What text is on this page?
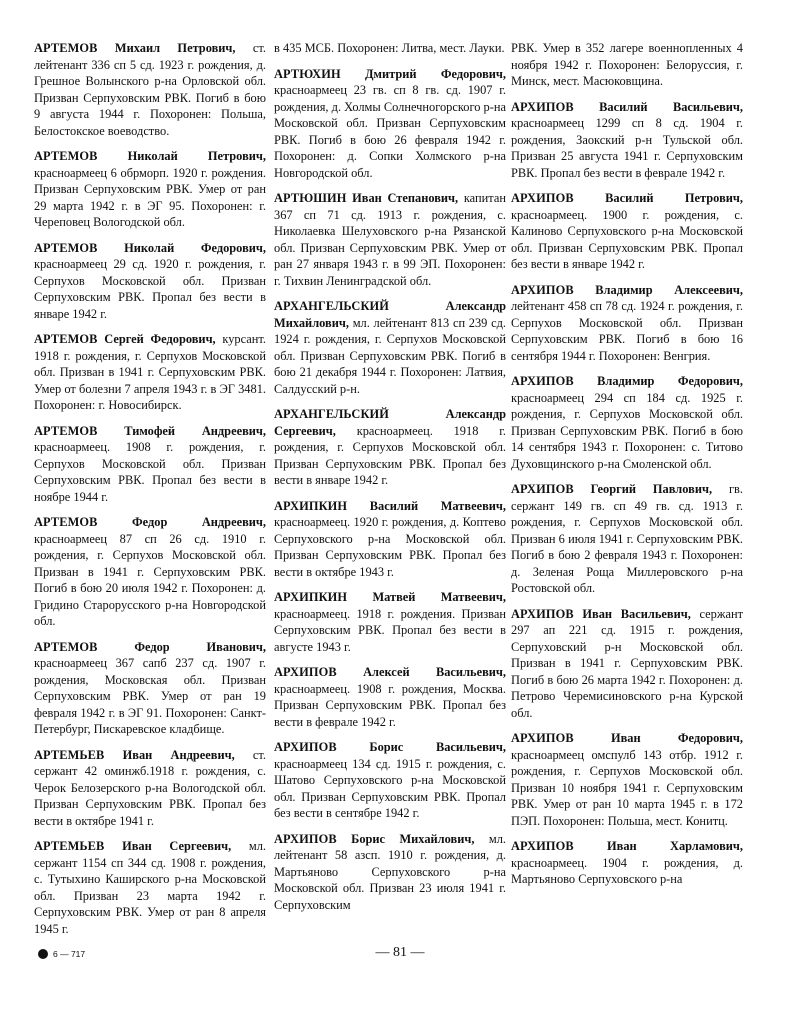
АРТЕМОВ Михаил Петрович, ст. лейтенант 336 сп 5 сд. 1923 г. рождения, д. Грешное Волынского р-на Орловской обл. Призван Серпуховским РВК. Погиб в бою 9 августа 1944 г. Похоронен: Польша, Белостокское воеводство.

АРТЕМОВ Николай Петрович, красноармеец 6 обрморп. 1920 г. рождения. Призван Серпуховским РВК. Умер от ран 29 марта 1942 г. в ЭГ 95. Похоронен: г. Череповец Вологодской обл.

АРТЕМОВ Николай Федорович, красноармеец 29 сд. 1920 г. рождения, г. Серпухов Московской обл. Призван Серпуховским РВК. Пропал без вести в январе 1942 г.

АРТЕМОВ Сергей Федорович, курсант. 1918 г. рождения, г. Серпухов Московской обл. Призван в 1941 г. Серпуховским РВК. Умер от болезни 7 апреля 1943 г. в ЭГ 3481. Похоронен: г. Новосибирск.

АРТЕМОВ Тимофей Андреевич, красноармеец. 1908 г. рождения, г. Серпухов Московской обл. Призван Серпуховским РВК. Пропал без вести в ноябре 1944 г.

АРТЕМОВ	Федор Андреевич, красноармеец 87 сп 26 сд. 1910 г. рождения, г. Серпухов Московской обл. Призван в 1941 г. Серпуховским РВК. Погиб в бою 20 июля 1942 г. Похоронен: д. Гридино Старорусского р-на Новгородской обл.

АРТЕМОВ	Федор Иванович, красноармеец 367 сапб 237 сд. 1907 г. рождения, Московская обл. Призван Серпуховским РВК. Умер от ран 19 февраля 1942 г. в ЭГ 91. Похоронен: Санкт-Петербург, Пискаревское кладбище.

АРТЕМЬЕВ Иван Андреевич, ст. сержант 42 оминжб.1918 г. рождения, с. Черок Белозерского р-на Вологодской обл. Призван Серпуховским РВК. Пропал без вести в октябре 1941 г.

АРТЕМЬЕВ Иван Сергеевич, мл. сержант 1154 сп 344 сд. 1908 г. рождения, с. Тутыхино Каширского р-на Московской обл. Призван 23 марта 1942 г. Серпуховским РВК. Умер от ран 8 апреля 1945 г.

в 435 МСБ. Похоронен: Литва, мест. Лауки.

АРТЮХИН Дмитрий Федорович, красноармеец 23 гв. сп 8 гв. сд. 1907 г. рождения, д. Холмы Солнечногорского р-на Московской обл. Призван Серпуховским РВК. Погиб в бою 26 февраля 1942 г. Похоронен: д. Сопки Холмского р-на Новгородской обл.

АРТЮШИН Иван Степанович, капитан 367 сп 71 сд. 1913 г. рождения, с. Николаевка Шелуховского р-на Рязанской обл. Призван Серпуховским РВК. Умер от ран 27 января 1943 г. в 99 ЭП. Похоронен: г. Тихвин Ленинградской обл.

АРХАНГЕЛЬСКИЙ	Александр Михайлович, мл. лейтенант 813 сп 239 сд. 1924 г. рождения, г. Серпухов Московской обл. Призван Серпуховским РВК. Погиб в бою 21 декабря 1944 г. Похоронен: Латвия, Салдусский р-н.

АРХАНГЕЛЬСКИЙ	Александр Сергеевич, красноармеец. 1918 г. рождения, г. Серпухов Московской обл. Призван Серпуховским РВК. Пропал без вести в январе 1942 г.

АРХИПКИН Василий Матвеевич, красноармеец. 1920 г. рождения, д. Коптево Серпуховского р-на Московской обл. Призван Серпуховским РВК. Пропал без вести в октябре 1943 г.

АРХИПКИН Матвей Матвеевич, красноармеец. 1918 г. рождения. Призван Серпуховским РВК. Пропал без вести в августе 1943 г.

АРХИПОВ Алексей Васильевич, красноармеец. 1908 г. рождения, Москва. Призван Серпуховским РВК. Пропал без вести в феврале 1942 г.

АРХИПОВ	Борис Васильевич, красноармеец 134 сд. 1915 г. рождения, с. Шатово Серпуховского р-на Московской обл. Призван Серпуховским РВК. Пропал без вести в сентябре 1942 г.

АРХИПОВ Борис Михайлович, мл. лейтенант 58 азсп. 1910 г. рождения, д. Мартьяново Серпуховского р-на Московской обл. Призван 23 июля 1941 г. Серпуховским

РВК. Умер в 352 лагере военнопленных 4 ноября 1942 г. Похоронен: Белоруссия, г. Минск, мест. Масюковщина.

АРХИПОВ Василий Васильевич, красноармеец 1299 сп 8 сд. 1904 г. рождения, Заокский р-н Тульской обл. Призван 25 августа 1941 г. Серпуховским РВК. Пропал без вести в феврале 1942 г.

АРХИПОВ	Василий Петрович, красноармеец. 1900 г. рождения, с. Калиново Серпуховского р-на Московской обл. Призван Серпуховским РВК. Пропал без вести в январе 1942 г.

АРХИПОВ Владимир Алексеевич, лейтенант 458 сп 78 сд. 1924 г. рождения, г. Серпухов Московской обл. Призван Серпуховским РВК. Погиб в бою 16 сентября 1944 г. Похоронен: Венгрия.

АРХИПОВ Владимир Федорович, красноармеец 294 сп 184 сд. 1925 г. рождения, г. Серпухов Московской обл. Призван Серпуховским РВК. Погиб в бою 14 сентября 1943 г. Похоронен: с. Титово Духовщинского р-на Смоленской обл.

АРХИПОВ Георгий Павлович, гв. сержант 149 гв. сп 49 гв. сд. 1913 г. рождения, г. Серпухов Московской обл. Призван 6 июля 1941 г. Серпуховским РВК. Погиб в бою 2 февраля 1943 г. Похоронен: д. Зеленая Роща Миллеровского р-на Ростовской обл.

АРХИПОВ Иван Васильевич, сержант 297 ап 221 сд. 1915 г. рождения, Серпуховский р-н Московской обл. Призван в 1941 г. Серпуховским РВК. Погиб в бою 26 марта 1942 г. Похоронен: д. Петрово Черемисиновского р-на Курской обл.

АРХИПОВ	Иван Федорович, красноармеец омспулб 143 отбр. 1912 г. рождения, г. Серпухов Московской обл. Призван 10 ноября 1941 г. Серпуховским РВК. Умер от ран 10 марта 1945 г. в 172 ПЭП. Похоронен: Польша, мест. Конитц.

АРХИПОВ	Иван Харламович, красноармеец. 1904 г. рождения, д. Мартьяново Серпуховского р-на

6 — 717	— 81 —
